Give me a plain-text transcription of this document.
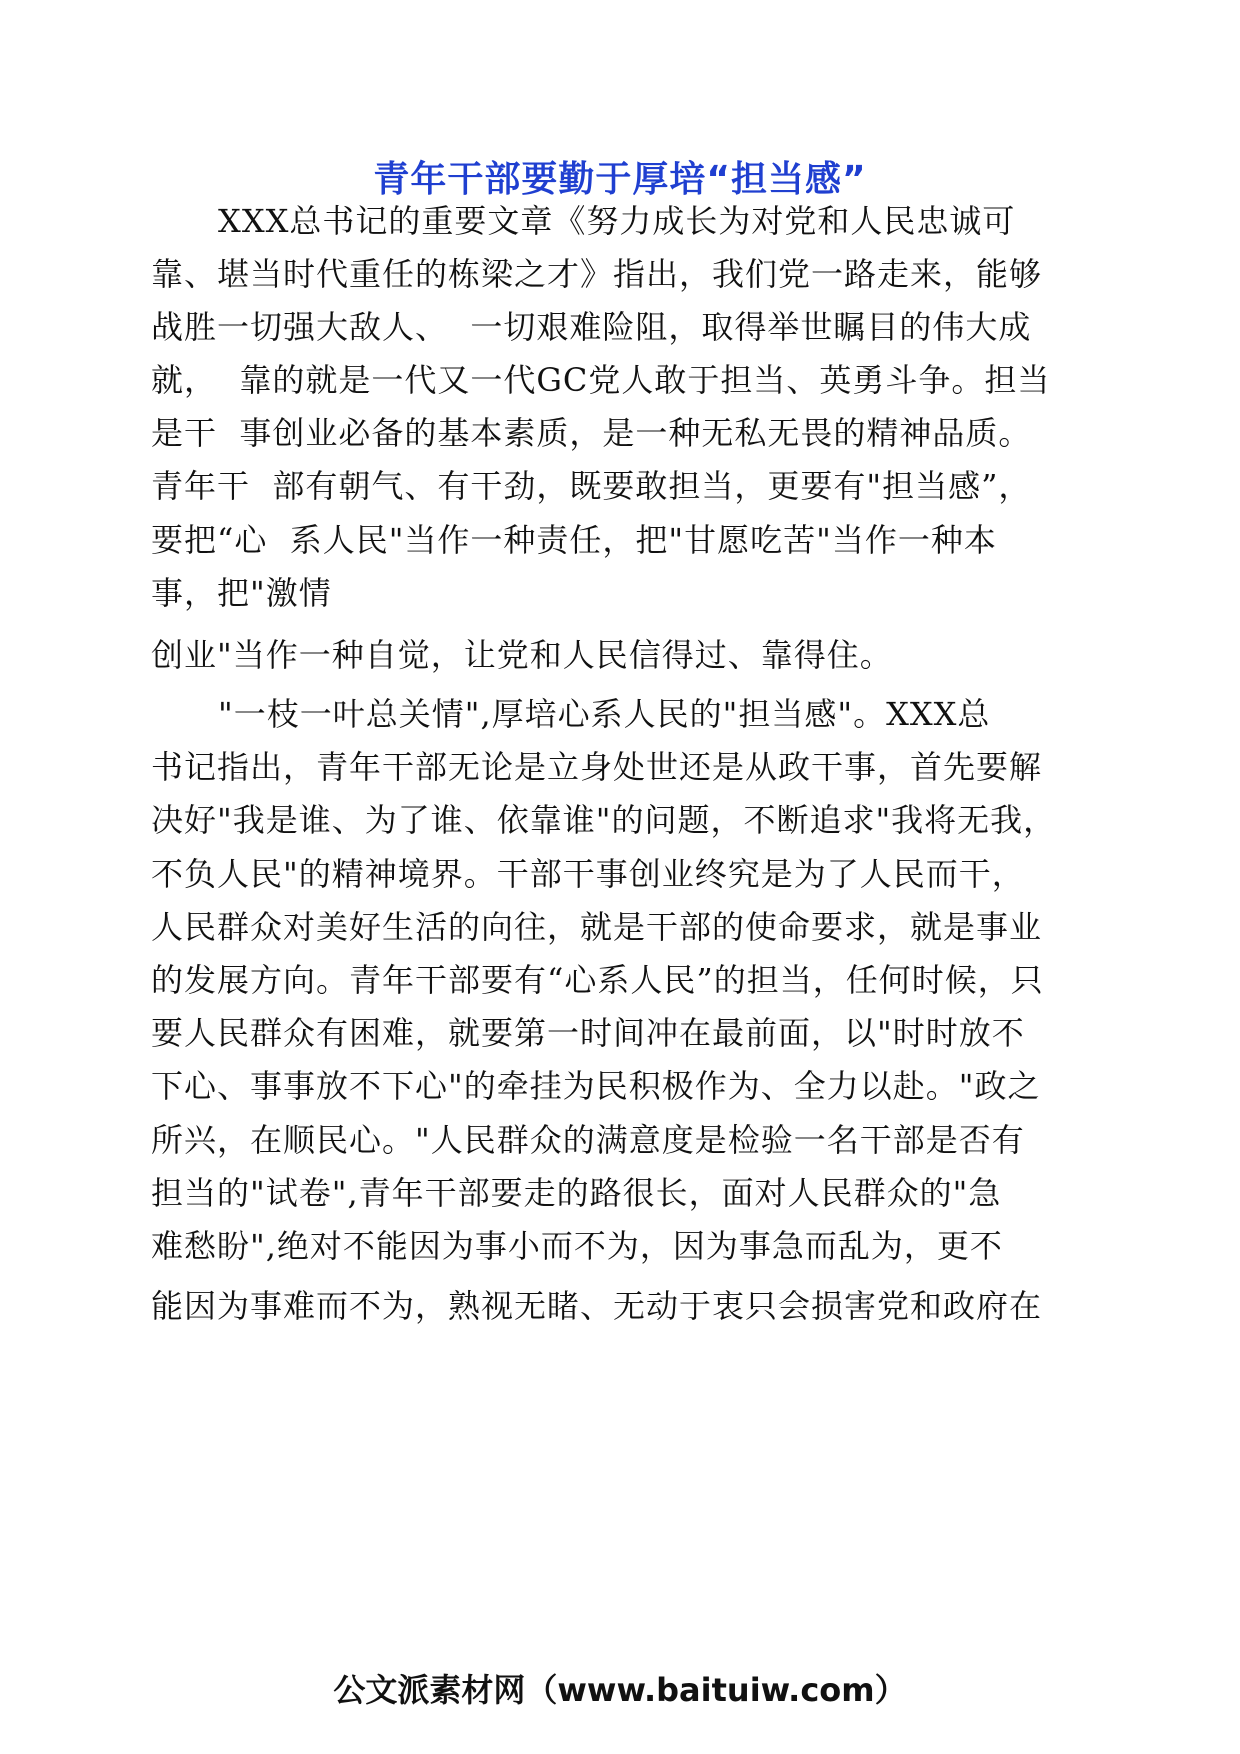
青年干部要勤于厚培“担当感”
XXX总书记的重要文章《努力成长为对党和人民忠诚可
靠、堪当时代重任的栋梁之才》指出，我们党一路走来，能够
战胜一切强大敌人、  一切艰难险阻，取得举世瞩目的伟大成
就，  靠的就是一代又一代GC党人敢于担当、英勇斗争。担当
是干  事创业必备的基本素质，是一种无私无畏的精神品质。
青年干  部有朝气、有干劲，既要敢担当，更要有"担当感”，
要把“心  系人民"当作一种责任，把"甘愿吃苦"当作一种本
事，把"激情
创业"当作一种自觉，让党和人民信得过、靠得住。
"一枝一叶总关情",厚培心系人民的"担当感"。XXX总
书记指出，青年干部无论是立身处世还是从政干事，首先要解
决好"我是谁、为了谁、依靠谁"的问题，不断追求"我将无我，
不负人民"的精神境界。干部干事创业终究是为了人民而干，
人民群众对美好生活的向往，就是干部的使命要求，就是事业
的发展方向。青年干部要有“心系人民”的担当，任何时候，只
要人民群众有困难，就要第一时间冲在最前面，以"时时放不
下心、事事放不下心"的牵挂为民积极作为、全力以赴。"政之
所兴，在顺民心。"人民群众的满意度是检验一名干部是否有
担当的"试卷",青年干部要走的路很长，面对人民群众的"急
难愁盼",绝对不能因为事小而不为，因为事急而乱为，更不
能因为事难而不为，熟视无睹、无动于衷只会损害党和政府在
公文派素材网（www.baituiw.com）
